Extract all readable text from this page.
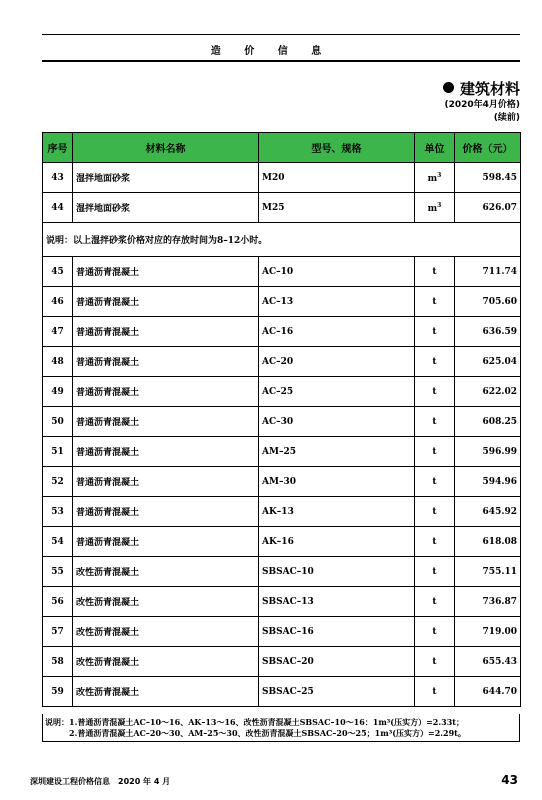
造 价 信 息
建筑材料
(2020年4月价格)
(续前)
序号	材料名称	型号、规格	单位	价格（元）
43	湿拌地面砂浆	M20	$m^3$	598.45
44	湿拌地面砂浆	M25	$m^3$	626.07
说明：以上湿拌砂浆价格对应的存放时间为8–12小时。				
45	普通沥青混凝土	AC–10	t	711.74
46	普通沥青混凝土	AC–13	t	705.60
47	普通沥青混凝土	AC–16	t	636.59
48	普通沥青混凝土	AC–20	t	625.04
49	普通沥青混凝土	AC–25	t	622.02
50	普通沥青混凝土	AC–30	t	608.25
51	普通沥青混凝土	AM–25	t	596.99
52	普通沥青混凝土	AM–30	t	594.96
53	普通沥青混凝土	AK–13	t	645.92
54	普通沥青混凝土	AK–16	t	618.08
55	改性沥青混凝土	SBSAC–10	t	755.11
56	改性沥青混凝土	SBSAC–13	t	736.87
57	改性沥青混凝土	SBSAC–16	t	719.00
58	改性沥青混凝土	SBSAC–20	t	655.43
59	改性沥青混凝土	SBSAC–25	t	644.70
说明：1.普通沥青混凝土AC–10～16、AK–13～16、改性沥青混凝土SBSAC–10～16：1m³(压实方）=2.33t；
2.普通沥青混凝土AC–20～30、AM–25～30、改性沥青混凝土SBSAC–20～25；1m³(压实方）=2.29t。
深圳建设工程价格信息　2020 年 4 月	43
